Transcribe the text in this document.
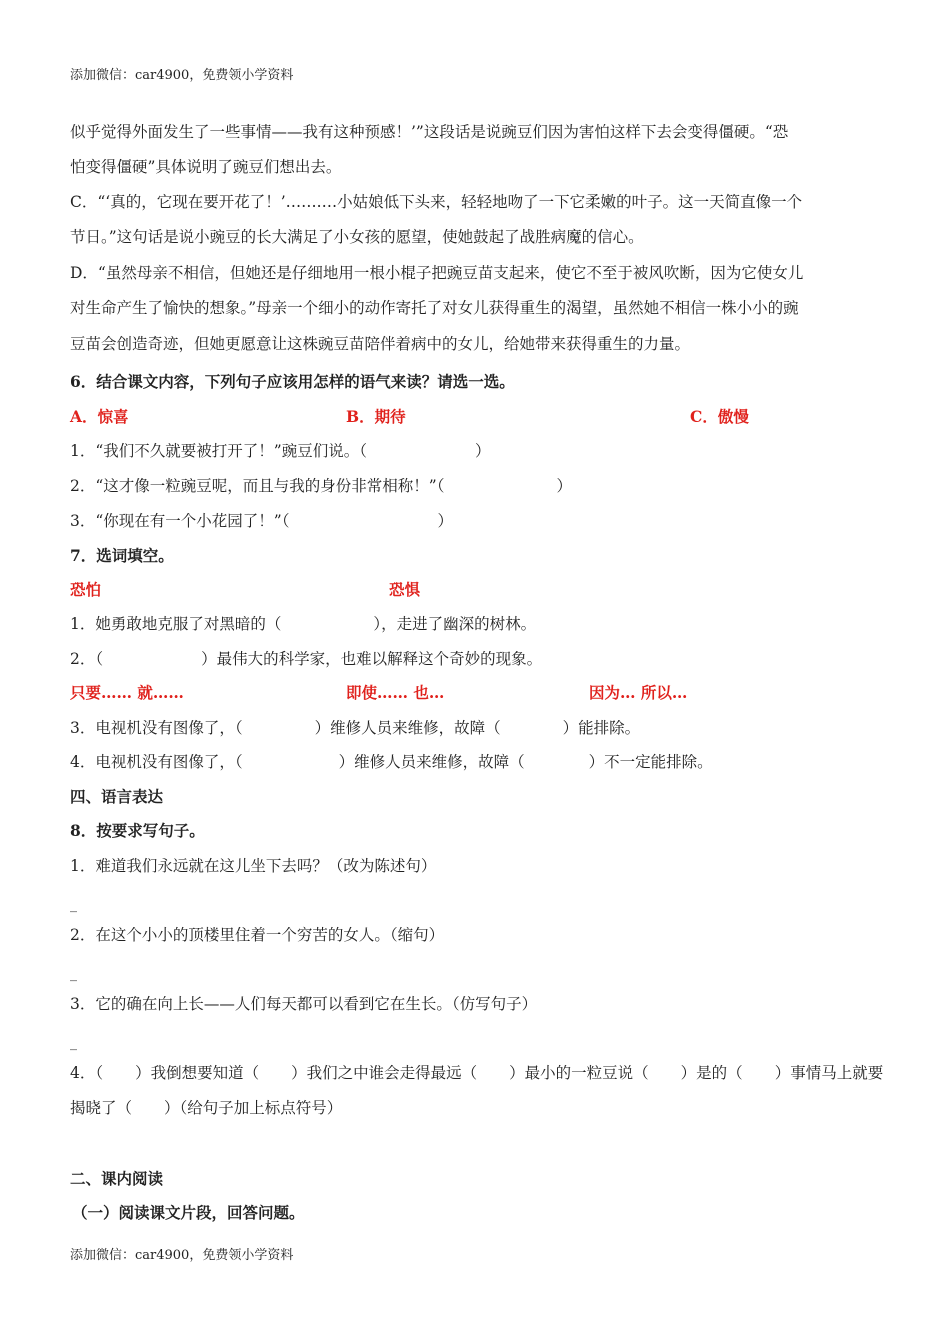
添加微信：car4900，免费领小学资料
似乎觉得外面发生了一些事情——我有这种预感！’”这段话是说豌豆们因为害怕这样下去会变得僵硬。“恐
怕变得僵硬”具体说明了豌豆们想出去。
C．“‘真的，它现在要开花了！’…….…小姑娘低下头来，轻轻地吻了一下它柔嫩的叶子。这一天简直像一个
节日。”这句话是说小豌豆的长大满足了小女孩的愿望，使她鼓起了战胜病魔的信心。
D．“虽然母亲不相信，但她还是仔细地用一根小棍子把豌豆苗支起来，使它不至于被风吹断，因为它使女儿
对生命产生了愉快的想象。”母亲一个细小的动作寄托了对女儿获得重生的渴望，虽然她不相信一株小小的豌
豆苗会创造奇迹，但她更愿意让这株豌豆苗陪伴着病中的女儿，给她带来获得重生的力量。
6．结合课文内容，下列句子应该用怎样的语气来读？请选一选。
A．惊喜	B．期待	C．傲慢
1．“我们不久就要被打开了！”豌豆们说。（	）
2．“这才像一粒豌豆呢，而且与我的身份非常相称！”（	）
3．“你现在有一个小花园了！”（	）
7．选词填空。
恐怕	恐惧
1．她勇敢地克服了对黑暗的（	），走进了幽深的树林。
2．（	）最伟大的科学家，也难以解释这个奇妙的现象。
只要…… 就……	即使…… 也…	因为… 所以…
3．电视机没有图像了，（	）维修人员来维修，故障（	）能排除。
4．电视机没有图像了，（	）维修人员来维修，故障（	）不一定能排除。
四、语言表达
8．按要求写句子。
1．难道我们永远就在这儿坐下去吗？（改为陈述句）
_
2．在这个小小的顶楼里住着一个穷苦的女人。（缩句）
_
3．它的确在向上长——人们每天都可以看到它在生长。（仿写句子）
_
4．（ ）我倒想要知道（ ）我们之中谁会走得最远（ ）最小的一粒豆说（ ）是的（ ）事情马上就要
揭晓了（ ）（给句子加上标点符号）
二、课内阅读
（一）阅读课文片段，回答问题。
添加微信：car4900，免费领小学资料
